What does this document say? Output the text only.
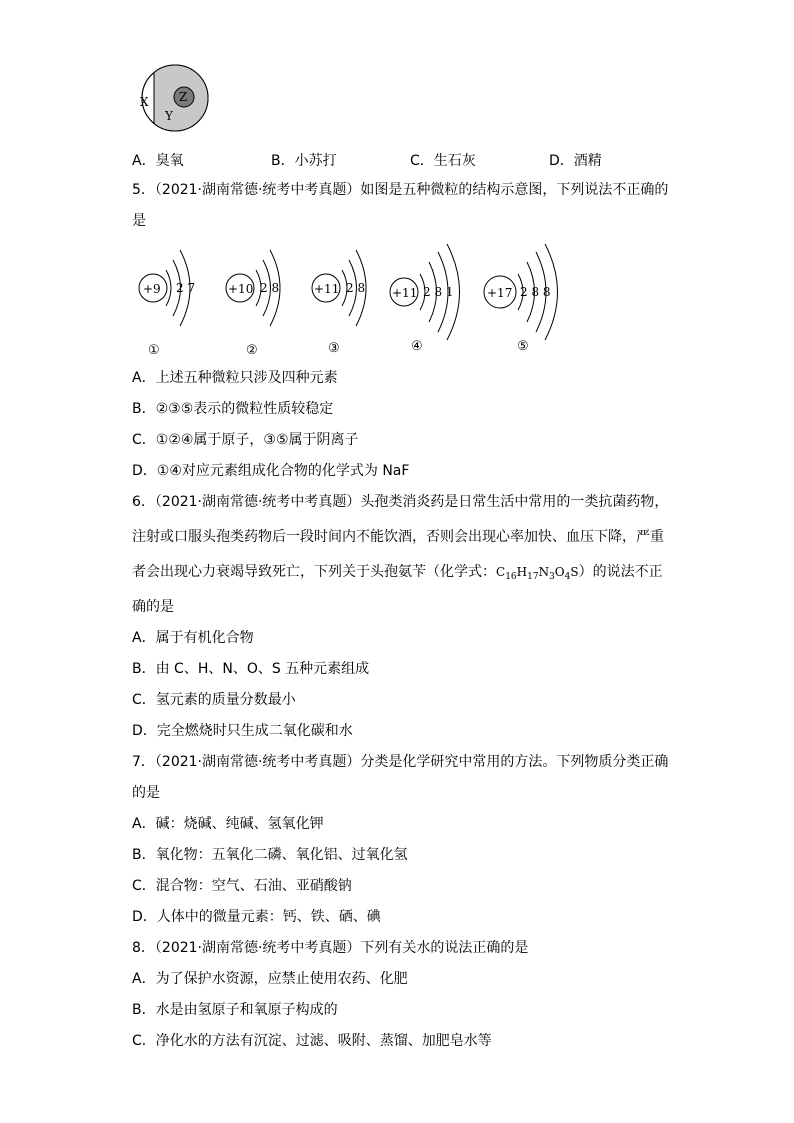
X
Y
Z
A．臭氧	B．小苏打	C．生石灰	D．酒精
5．（2021·湖南常德·统考中考真题）如图是五种微粒的结构示意图，下列说法不正确的
是
+9 2 7
①
+10 2 8
②
+11 2 8
③
+11 2 8 1
④
+17 2 8 8
⑤
A．上述五种微粒只涉及四种元素
B．②③⑤表示的微粒性质较稳定
C．①②④属于原子，③⑤属于阴离子
D．①④对应元素组成化合物的化学式为 NaF
6．（2021·湖南常德·统考中考真题）头孢类消炎药是日常生活中常用的一类抗菌药物，
注射或口服头孢类药物后一段时间内不能饮酒，否则会出现心率加快、血压下降，严重
者会出现心力衰竭导致死亡，下列关于头孢氨苄（化学式：$C_{16}H_{17}N_3O_4S$）的说法不正
确的是
A．属于有机化合物
B．由 C、H、N、O、S 五种元素组成
C．氢元素的质量分数最小
D．完全燃烧时只生成二氧化碳和水
7．（2021·湖南常德·统考中考真题）分类是化学研究中常用的方法。下列物质分类正确
的是
A．碱：烧碱、纯碱、氢氧化钾
B．氧化物：五氧化二磷、氧化铝、过氧化氢
C．混合物：空气、石油、亚硝酸钠
D．人体中的微量元素：钙、铁、硒、碘
8．（2021·湖南常德·统考中考真题）下列有关水的说法正确的是
A．为了保护水资源，应禁止使用农药、化肥
B．水是由氢原子和氧原子构成的
C．净化水的方法有沉淀、过滤、吸附、蒸馏、加肥皂水等
